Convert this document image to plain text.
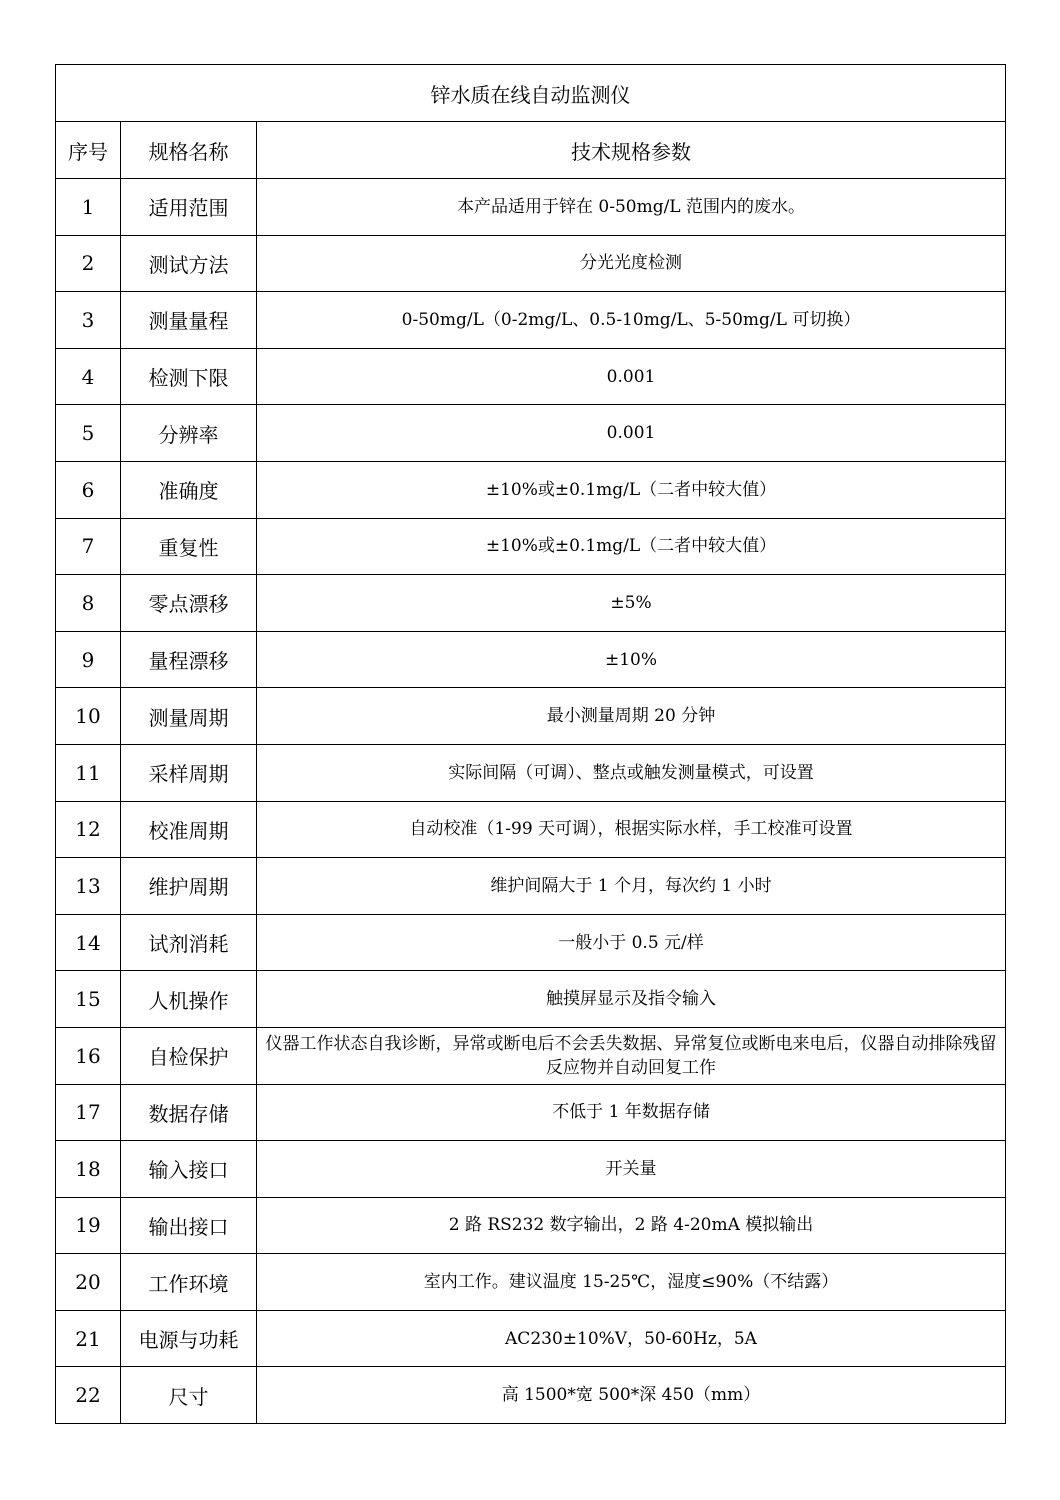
锌水质在线自动监测仪		
序号	规格名称	技术规格参数
1	适用范围	本产品适用于锌在 0-50mg/L 范围内的废水。
2	测试方法	分光光度检测
3	测量量程	0-50mg/L（0-2mg/L、0.5-10mg/L、5-50mg/L 可切换）
4	检测下限	0.001
5	分辨率	0.001
6	准确度	±10%或±0.1mg/L（二者中较大值）
7	重复性	±10%或±0.1mg/L（二者中较大值）
8	零点漂移	±5%
9	量程漂移	±10%
10	测量周期	最小测量周期 20 分钟
11	采样周期	实际间隔（可调）、整点或触发测量模式，可设置
12	校准周期	自动校准（1-99 天可调），根据实际水样，手工校准可设置
13	维护周期	维护间隔大于 1 个月，每次约 1 小时
14	试剂消耗	一般小于 0.5 元/样
15	人机操作	触摸屏显示及指令输入
16	自检保护	仪器工作状态自我诊断，异常或断电后不会丢失数据、异常复位或断电来电后，仪器自动排除残留反应物并自动回复工作
17	数据存储	不低于 1 年数据存储
18	输入接口	开关量
19	输出接口	2 路 RS232 数字输出，2 路 4-20mA 模拟输出
20	工作环境	室内工作。建议温度 15-25℃，湿度≤90%（不结露）
21	电源与功耗	AC230±10%V，50-60Hz，5A
22	尺寸	高 1500*宽 500*深 450（mm）
